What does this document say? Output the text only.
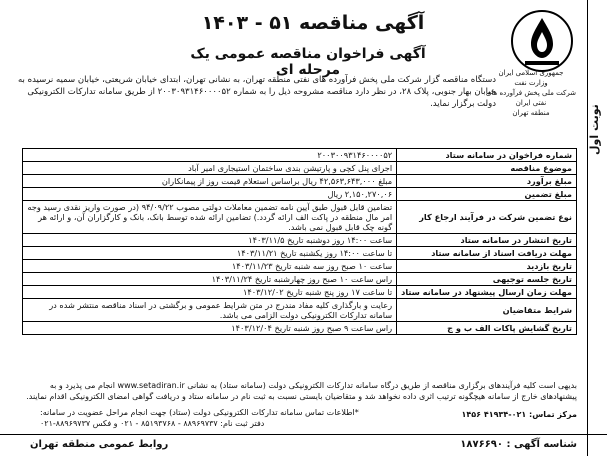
نوبت اول
جمهوری اسلامی ایران
وزارت نفت
شرکت ملی پخش فرآورده های نفتی ایران
منطقه تهران
آگهی مناقصه ۵۱ - ۱۴۰۳
آگهی فراخوان مناقصه عمومی یک مرحله ای
دستگاه مناقصه گزار شرکت ملی پخش فرآورده های نفتی منطقه تهران، به نشانی تهران، ابتدای خیابان شریعتی، خیابان سمیه نرسیده به خیابان بهار جنوبی، پلاک ۲۸، در نظر دارد مناقصه مشروحه ذیل را به شماره ۲۰۰۳۰۹۳۱۴۶۰۰۰۰۵۲ از طریق سامانه تدارکات الکترونیکی دولت برگزار نماید.
شماره فراخوان در سامانه ستاد	۲۰۰۳۰۰۹۳۱۴۶۰۰۰۰۵۲
موضوع مناقصه	اجرای پنل کچی و پارتیشن بندی ساختمان استیجاری امیر آباد
مبلغ برآورد	مبلغ ۴۲,۵۶۳,۶۴۳,۰۰۰ ریال براساس استعلام قیمت روز از پیمانکاران
مبلغ تضمین	۲,۱۵۰,۲۷۰,۰۶ ریال
نوع تضمین شرکت در فرآیند ارجاع کار	تضامین قابل قبول طبق آیین نامه تضمین معاملات دولتی مصوب ۹۴/۰۹/۲۲ (در صورت واریز نقدی رسید وجه امر مال منطقه در پاکت الف ارائه گردد.) تضامین ارائه شده توسط بانک، بانک و کارگزاران آن، و ارائه هر گونه چک قابل قبول نمی باشد.
تاریخ انتشار در سامانه ستاد	ساعت ۱۴:۰۰ روز دوشنبه تاریخ ۱۴۰۳/۱۱/۵
مهلت دریافت اسناد از سامانه ستاد	تا ساعت ۱۴:۰۰ روز یکشنبه تاریخ ۱۴۰۳/۱۱/۲۱
تاریخ بازدید	ساعت ۱۰ صبح روز سه شنبه تاریخ ۱۴۰۳/۱۱/۲۳
تاریخ جلسه توجیهی	راس ساعت ۱۰ صبح روز چهارشنبه تاریخ ۱۴۰۳/۱۱/۲۴
مهلت زمان ارسال پیشنهاد در سامانه ستاد	تا ساعت ۱۷ روز پنج شنبه تاریخ ۱۴۰۳/۱۲/۰۲
شرایط متقاضیان	رعایت و بارگذاری کلیه مفاد مندرج در متن شرایط عمومی و برگشتی در اسناد مناقصه منتشر شده در سامانه تدارکات الکترونیکی دولت الزامی می باشد.
تاریخ گشایش پاکات الف ب و ج	راس ساعت ۹ صبح روز شنبه تاریخ ۱۴۰۳/۱۲/۰۴
بدیهی است کلیه فرآیندهای برگزاری مناقصه از طریق درگاه سامانه تدارکات الکترونیکی دولت (سامانه ستاد) به نشانی www.setadiran.ir انجام می پذیرد و به پیشنهادهای خارج از سامانه هیچگونه ترتیب اثری داده نخواهد شد و متقاضیان بایستی نسبت به ثبت نام در سامانه ستاد و دریافت گواهی امضای الکترونیکی اقدام نمایند.
*اطلاعات تماس سامانه تدارکات الکترونیکی دولت (ستاد) جهت انجام مراحل عضویت در سامانه:
دفتر ثبت نام: ۸۸۹۶۹۷۳۷ - ۸۵۱۹۳۷۶۸ - ۰۲۱ و فکس ۸۸۹۶۹۷۳۷-۰۲۱
مرکز تماس: ۰۲۱-۴۱۹۳۴ ۱۴۵۶
شناسه آگهی : ۱۸۷۶۶۹۰
روابط عمومی منطقه تهران
